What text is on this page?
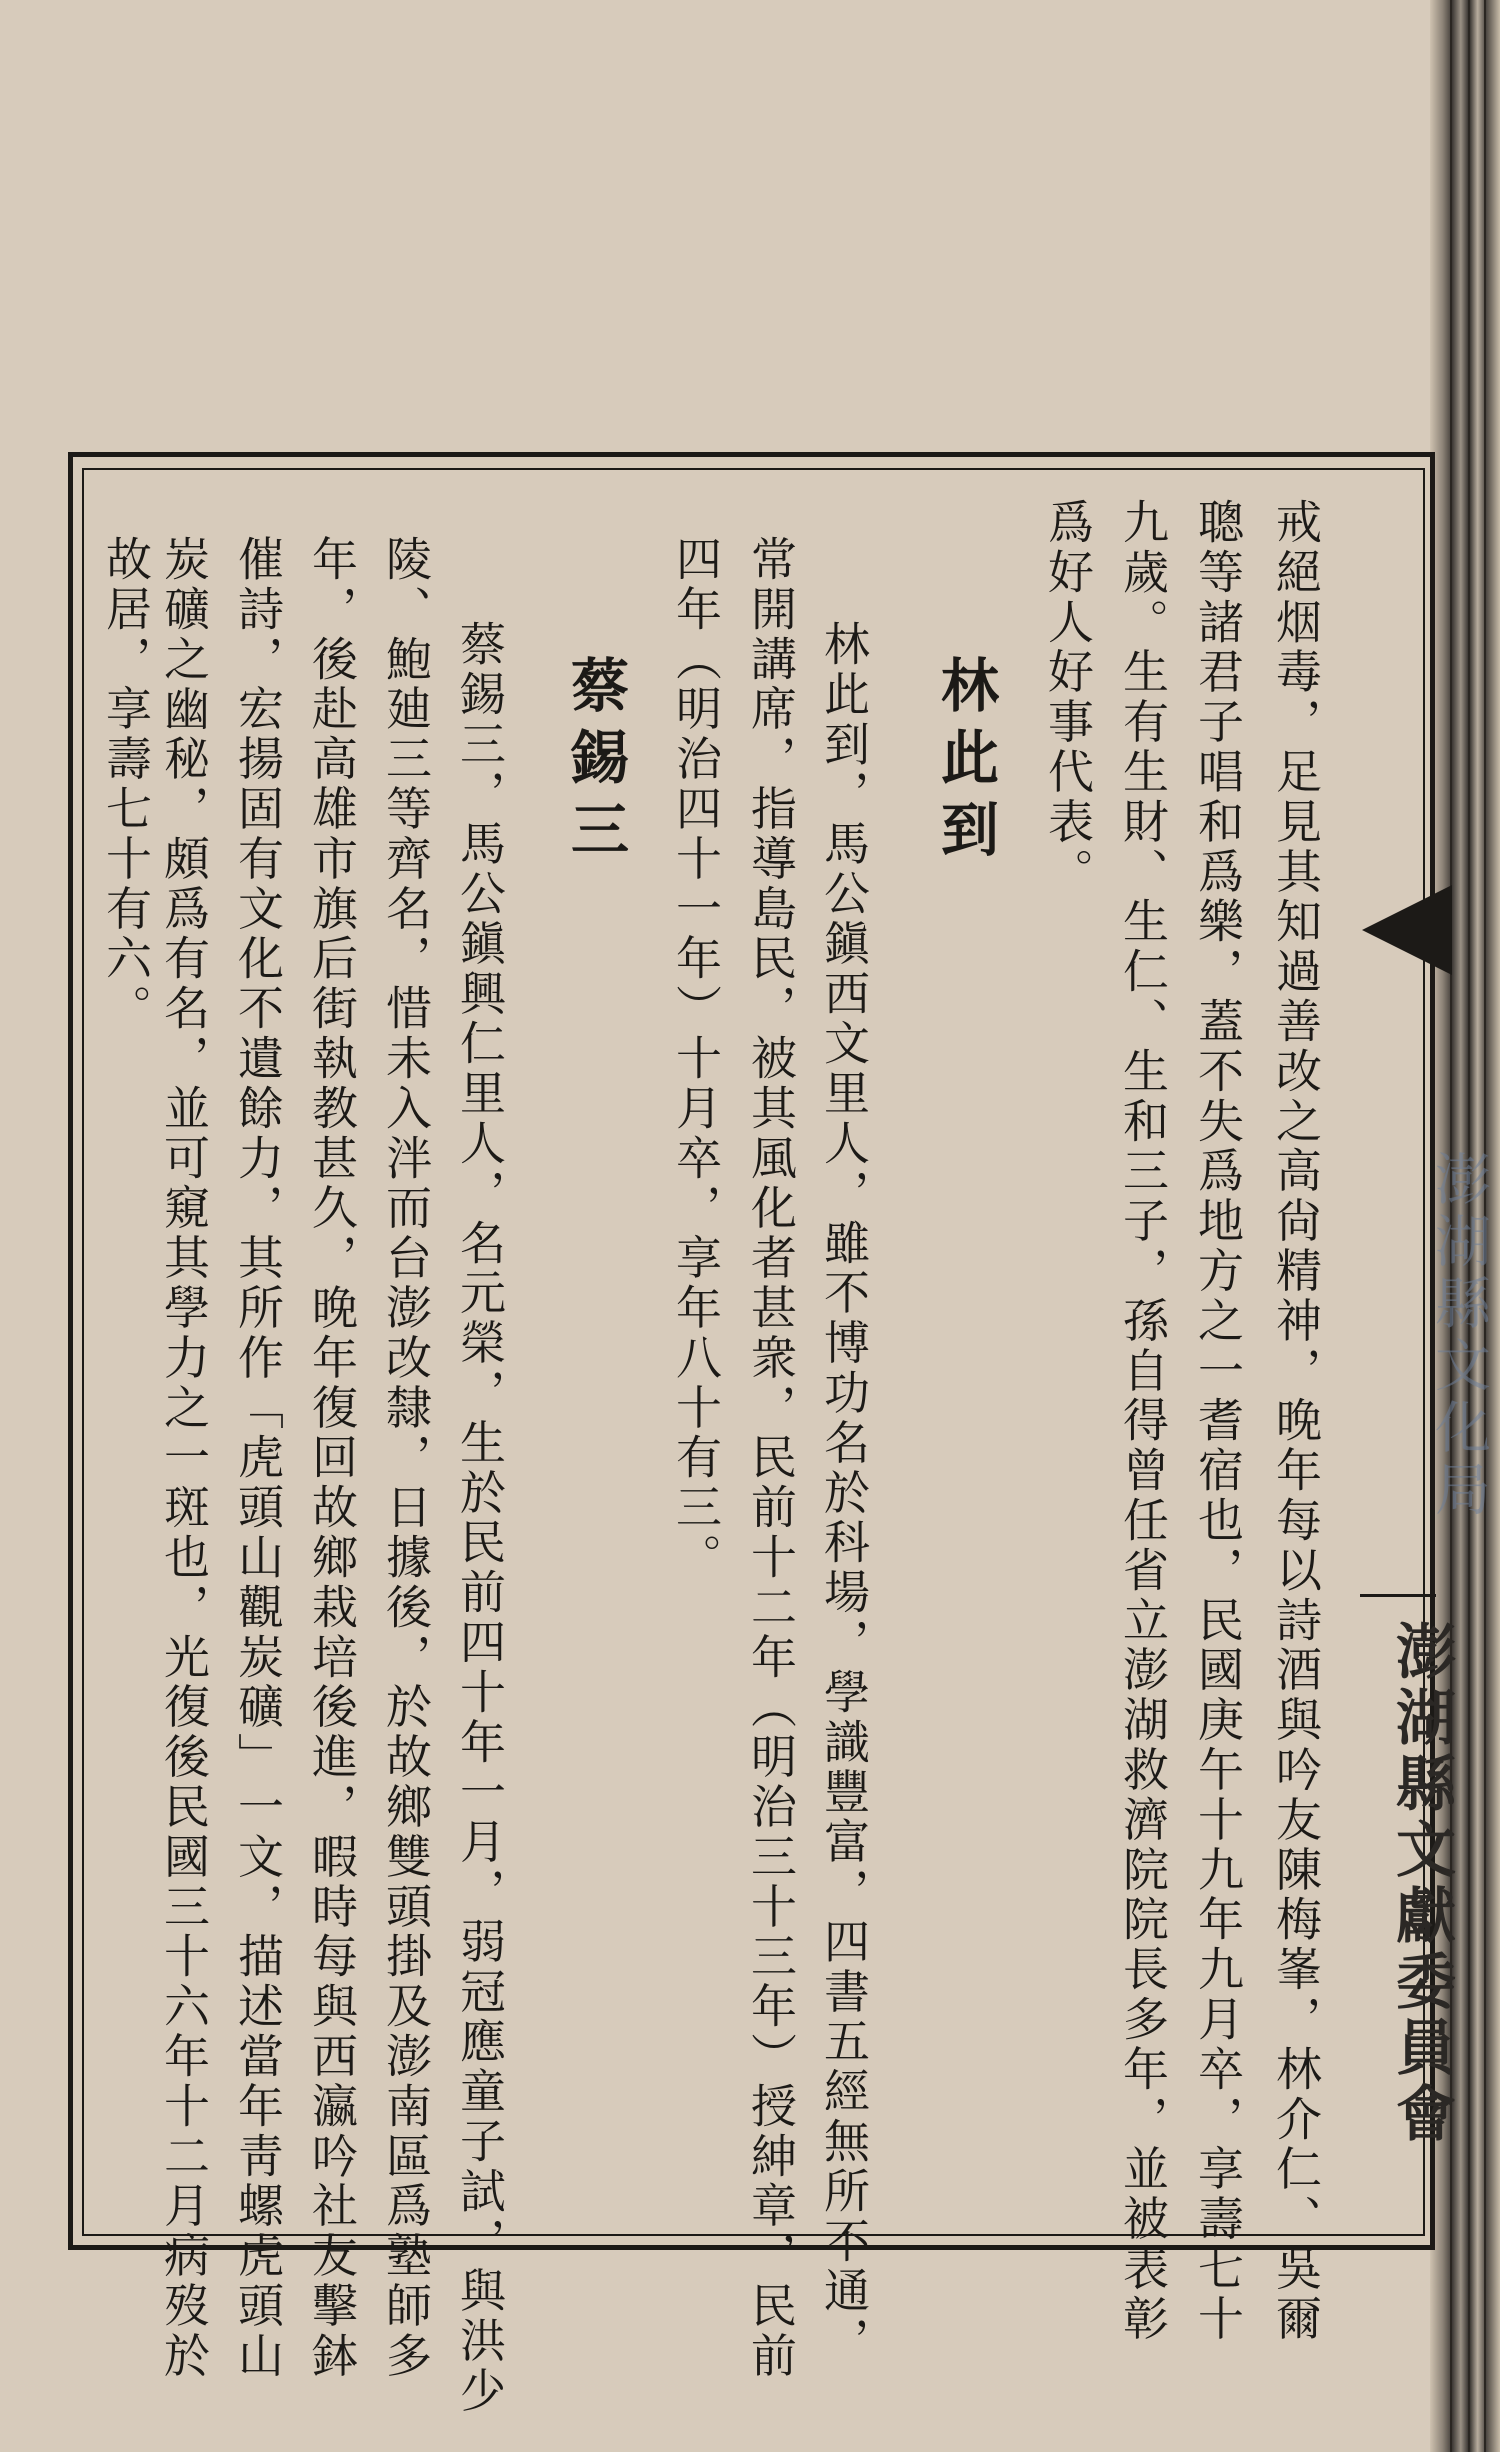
澎湖縣文化局
澎湖縣文獻委員會
戒絕烟毒，足見其知過善改之高尙精神，晚年每以詩酒與吟友陳梅峯，林介仁、吳爾
聰等諸君子唱和爲樂，蓋不失爲地方之一耆宿也，民國庚午十九年九月卒，享壽七十
九歲。生有生財、生仁、生和三子，孫自得曾任省立澎湖救濟院院長多年，並被表彰
爲好人好事代表。
林此到
林此到，馬公鎭西文里人，雖不博功名於科場，學識豐富，四書五經無所不通，
常開講席，指導島民，被其風化者甚衆，民前十二年（明治三十三年）授紳章，民前
四年（明治四十一年）十月卒，享年八十有三。
蔡錫三
蔡錫三，馬公鎭興仁里人，名元榮，生於民前四十年一月，弱冠應童子試，與洪少
陵、鮑廸三等齊名，惜未入泮而台澎改隸，日據後，於故鄉雙頭掛及澎南區爲塾師多
年，後赴高雄市旗后街執教甚久，晚年復回故鄉栽培後進，暇時每與西瀛吟社友擊鉢
催詩，宏揚固有文化不遺餘力，其所作「虎頭山觀炭礦」一文，描述當年靑螺虎頭山
炭礦之幽秘，頗爲有名，並可窺其學力之一斑也，光復後民國三十六年十二月病歿於
故居，享壽七十有六。
